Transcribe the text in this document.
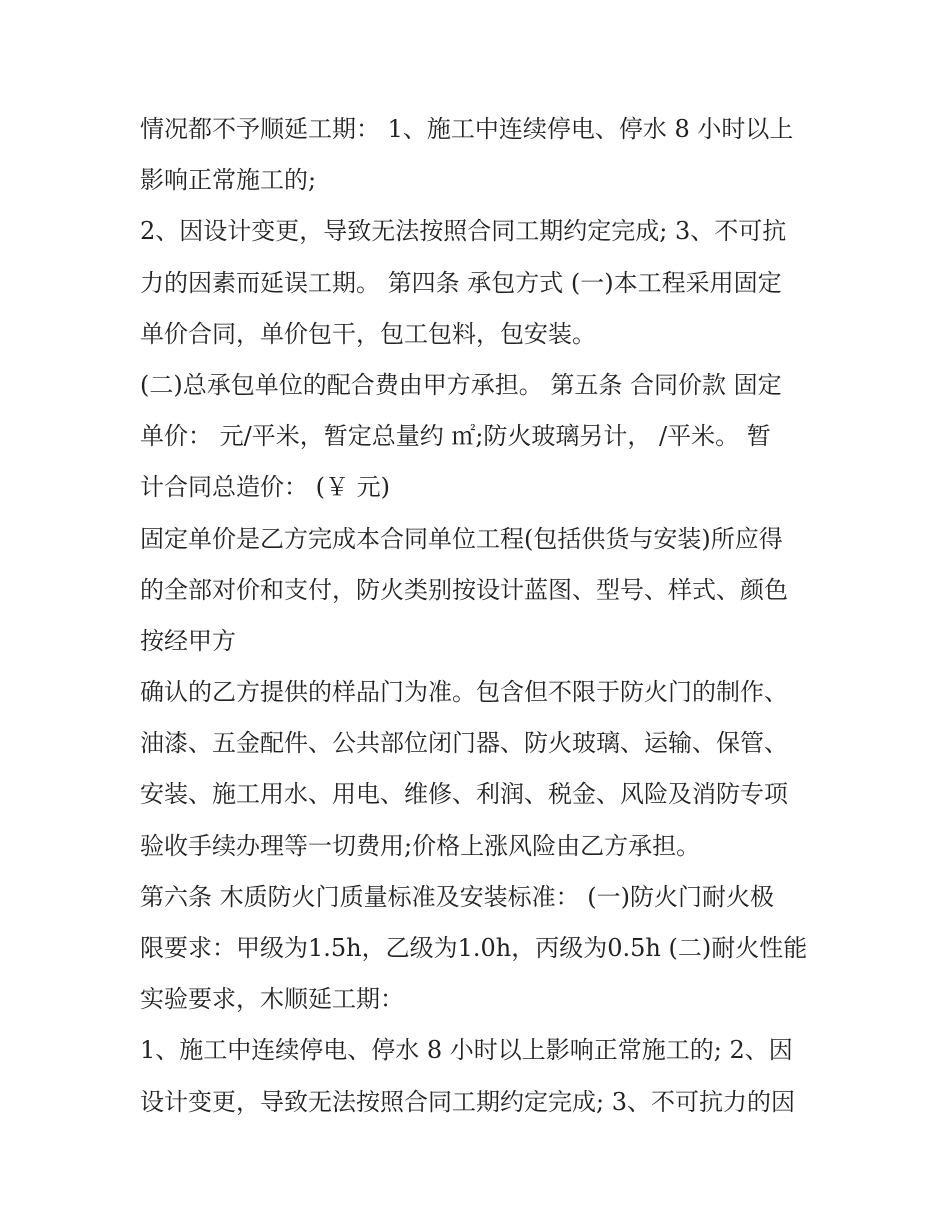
情况都不予顺延工期： 1、施工中连续停电、停水 8 小时以上
影响正常施工的;
2、因设计变更，导致无法按照合同工期约定完成; 3、不可抗
力的因素而延误工期。 第四条 承包方式 (一)本工程采用固定
单价合同，单价包干，包工包料，包安装。
(二)总承包单位的配合费由甲方承担。 第五条 合同价款 固定
单价： 元/平米，暂定总量约 ㎡;防火玻璃另计， /平米。 暂
计合同总造价： (￥ 元)
固定单价是乙方完成本合同单位工程(包括供货与安装)所应得
的全部对价和支付，防火类别按设计蓝图、型号、样式、颜色
按经甲方
确认的乙方提供的样品门为准。包含但不限于防火门的制作、
油漆、五金配件、公共部位闭门器、防火玻璃、运输、保管、
安装、施工用水、用电、维修、利润、税金、风险及消防专项
验收手续办理等一切费用;价格上涨风险由乙方承担。
第六条 木质防火门质量标准及安装标准： (一)防火门耐火极
限要求：甲级为1.5h，乙级为1.0h，丙级为0.5h (二)耐火性能
实验要求，木顺延工期：
1、施工中连续停电、停水 8 小时以上影响正常施工的; 2、因
设计变更，导致无法按照合同工期约定完成; 3、不可抗力的因
